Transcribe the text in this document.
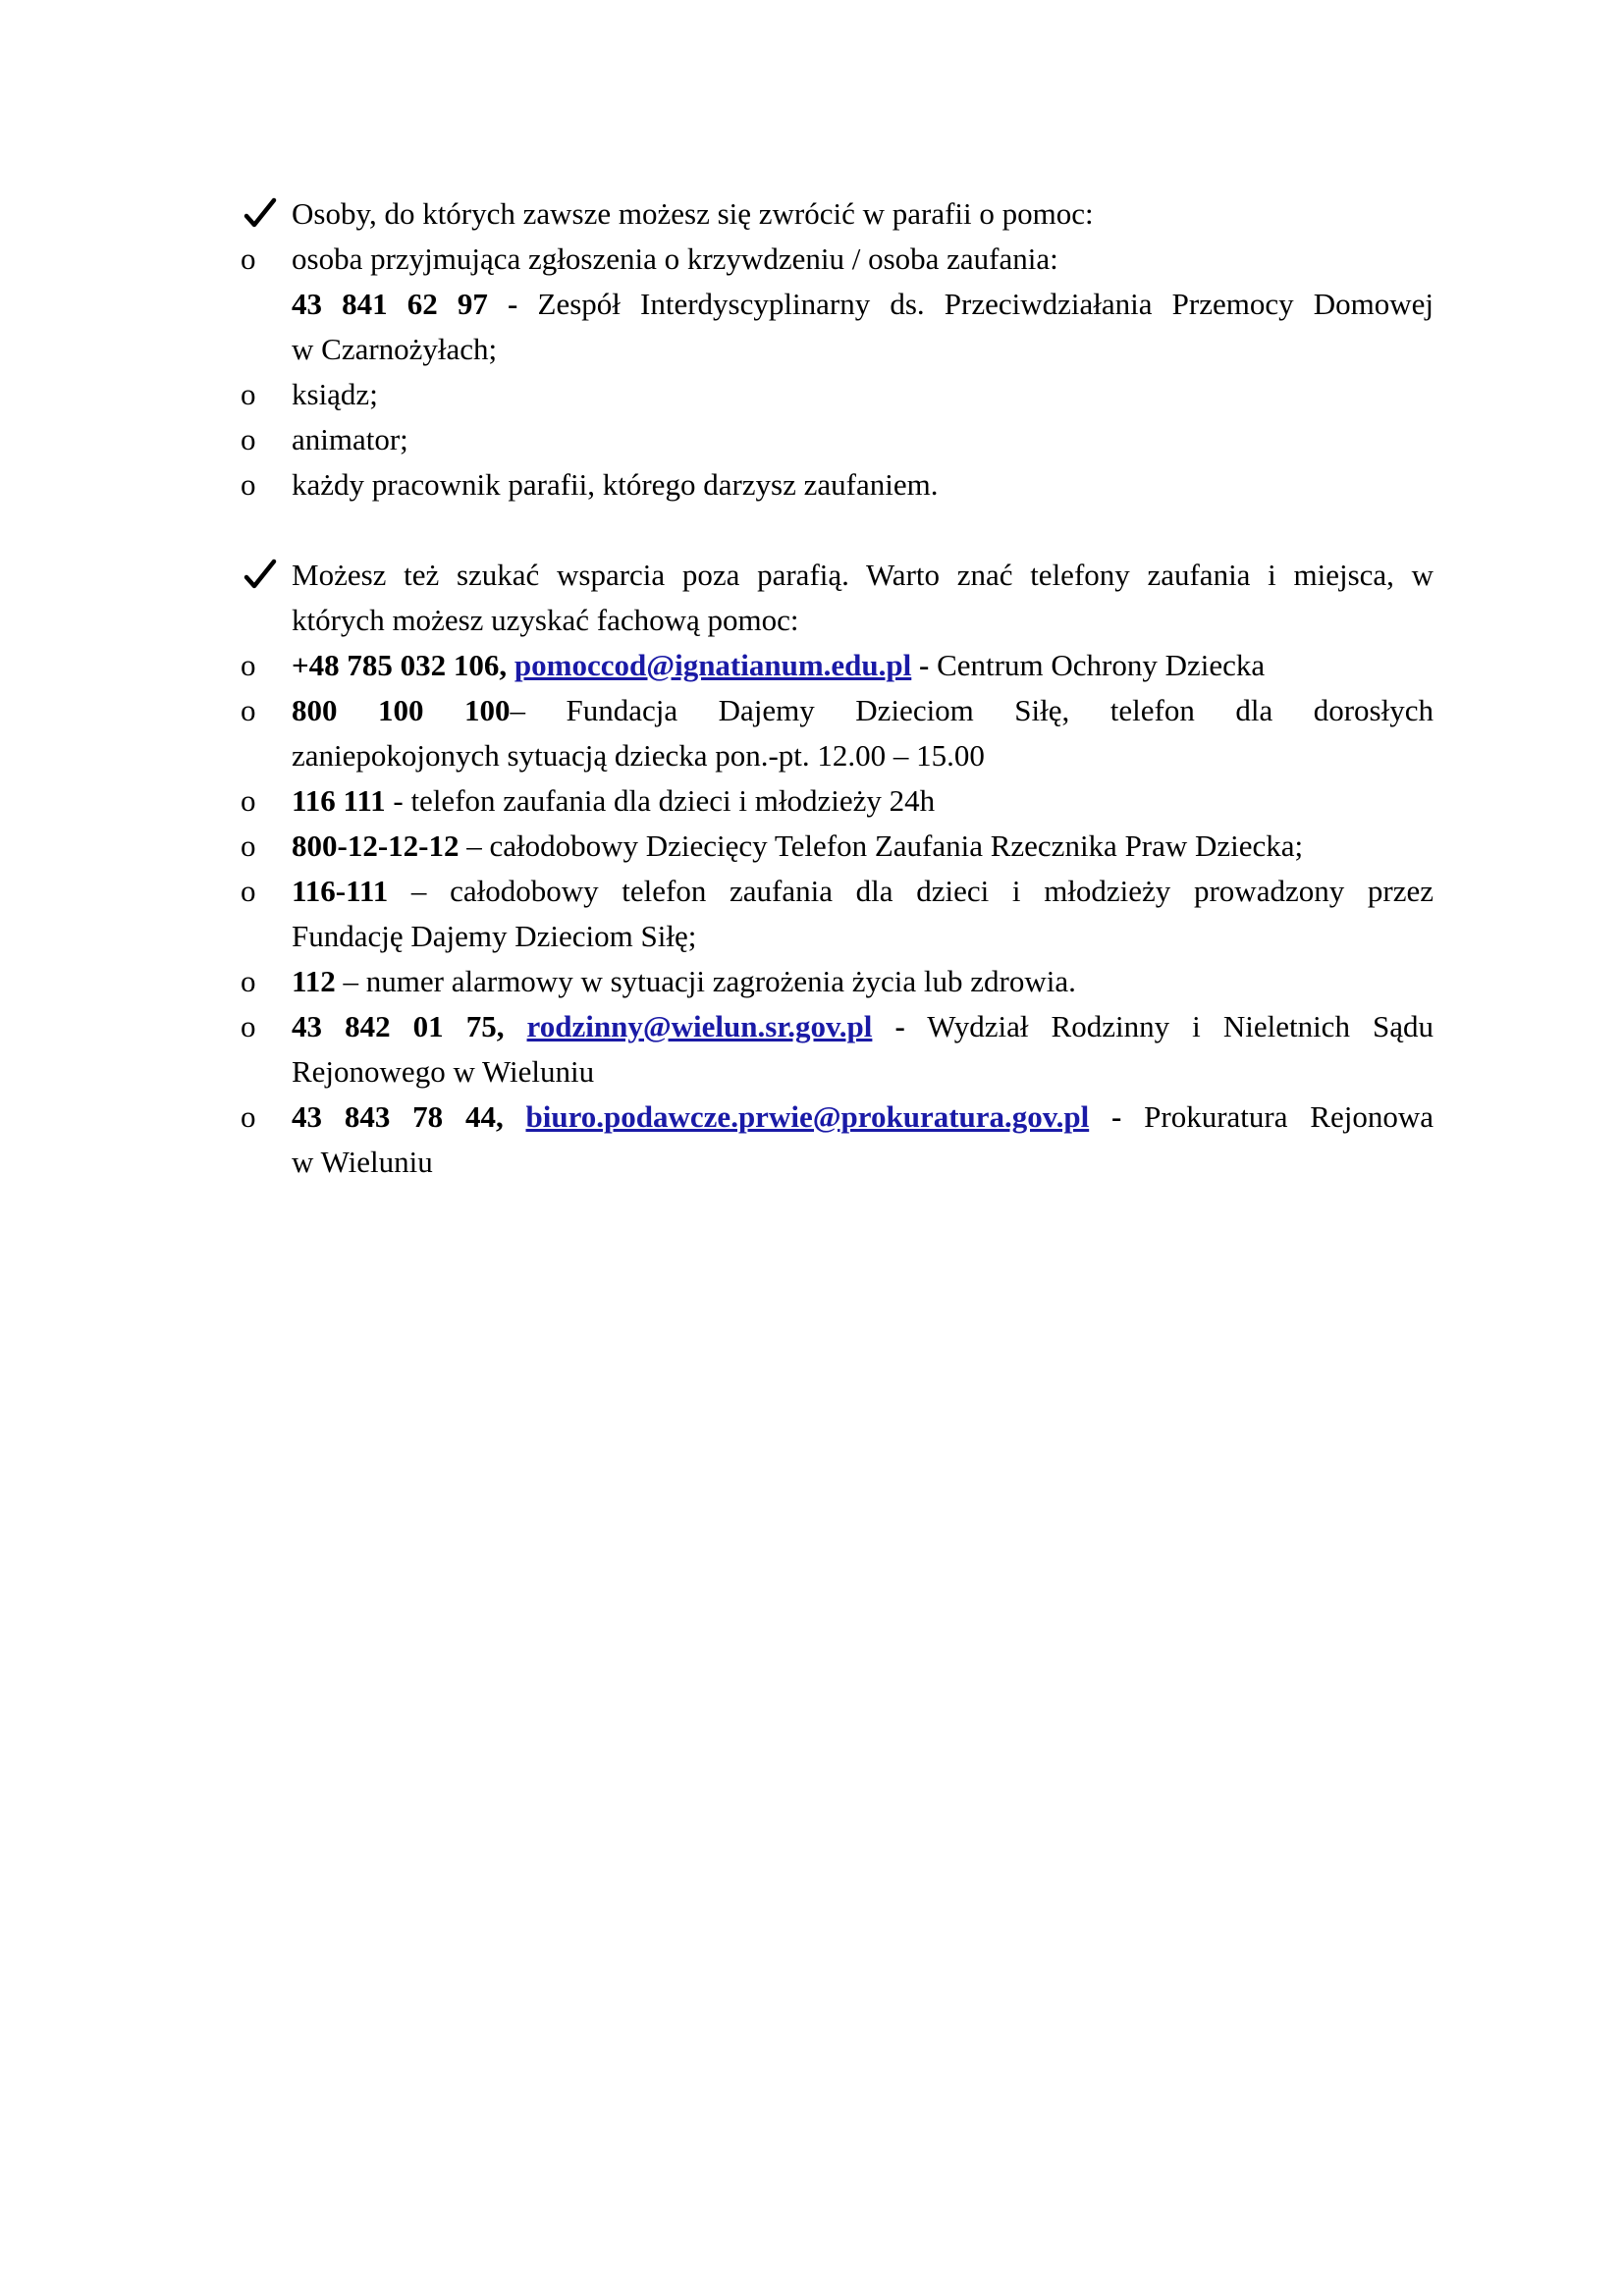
Osoby, do których zawsze możesz się zwrócić w parafii o pomoc:
o	osoba przyjmująca zgłoszenia o krzywdzeniu / osoba zaufania:
43 841 62 97 - Zespół Interdyscyplinarny ds. Przeciwdziałania Przemocy Domowej
w Czarnożyłach;
o	ksiądz;
o	animator;
o	każdy pracownik parafii, którego darzysz zaufaniem.
Możesz też szukać wsparcia poza parafią. Warto znać telefony zaufania i miejsca, w
których możesz uzyskać fachową pomoc:
o	+48 785 032 106, pomoccod@ignatianum.edu.pl - Centrum Ochrony Dziecka
o	800 100 100– Fundacja Dajemy Dzieciom Siłę, telefon dla dorosłych
zaniepokojonych sytuacją dziecka pon.-pt. 12.00 – 15.00
o	116 111 - telefon zaufania dla dzieci i młodzieży 24h
o	800-12-12-12 – całodobowy Dziecięcy Telefon Zaufania Rzecznika Praw Dziecka;
o	116-111 – całodobowy telefon zaufania dla dzieci i młodzieży prowadzony przez
Fundację Dajemy Dzieciom Siłę;
o	112 – numer alarmowy w sytuacji zagrożenia życia lub zdrowia.
o	43 842 01 75, rodzinny@wielun.sr.gov.pl - Wydział Rodzinny i Nieletnich Sądu
Rejonowego w Wieluniu
o	43 843 78 44, biuro.podawcze.prwie@prokuratura.gov.pl - Prokuratura Rejonowa
w Wieluniu
